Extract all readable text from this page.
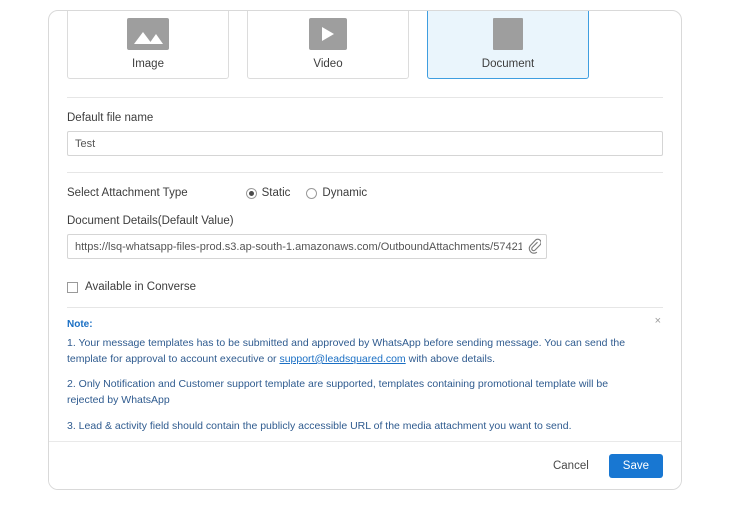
Image	Video	Document
Default file name
Test
Select Attachment Type	Static	Dynamic
Document Details(Default Value)
https://lsq-whatsapp-files-prod.s3.ap-south-1.amazonaws.com/OutboundAttachments/57421/2lrfza3
Available in Converse
×
Note:
1. Your message templates has to be submitted and approved by WhatsApp before sending message. You can send the template for approval to account executive or support@leadsquared.com with above details.
2. Only Notification and Customer support template are supported, templates containing promotional template will be rejected by WhatsApp
3. Lead & activity field should contain the publicly accessible URL of the media attachment you want to send.
Cancel	Save
